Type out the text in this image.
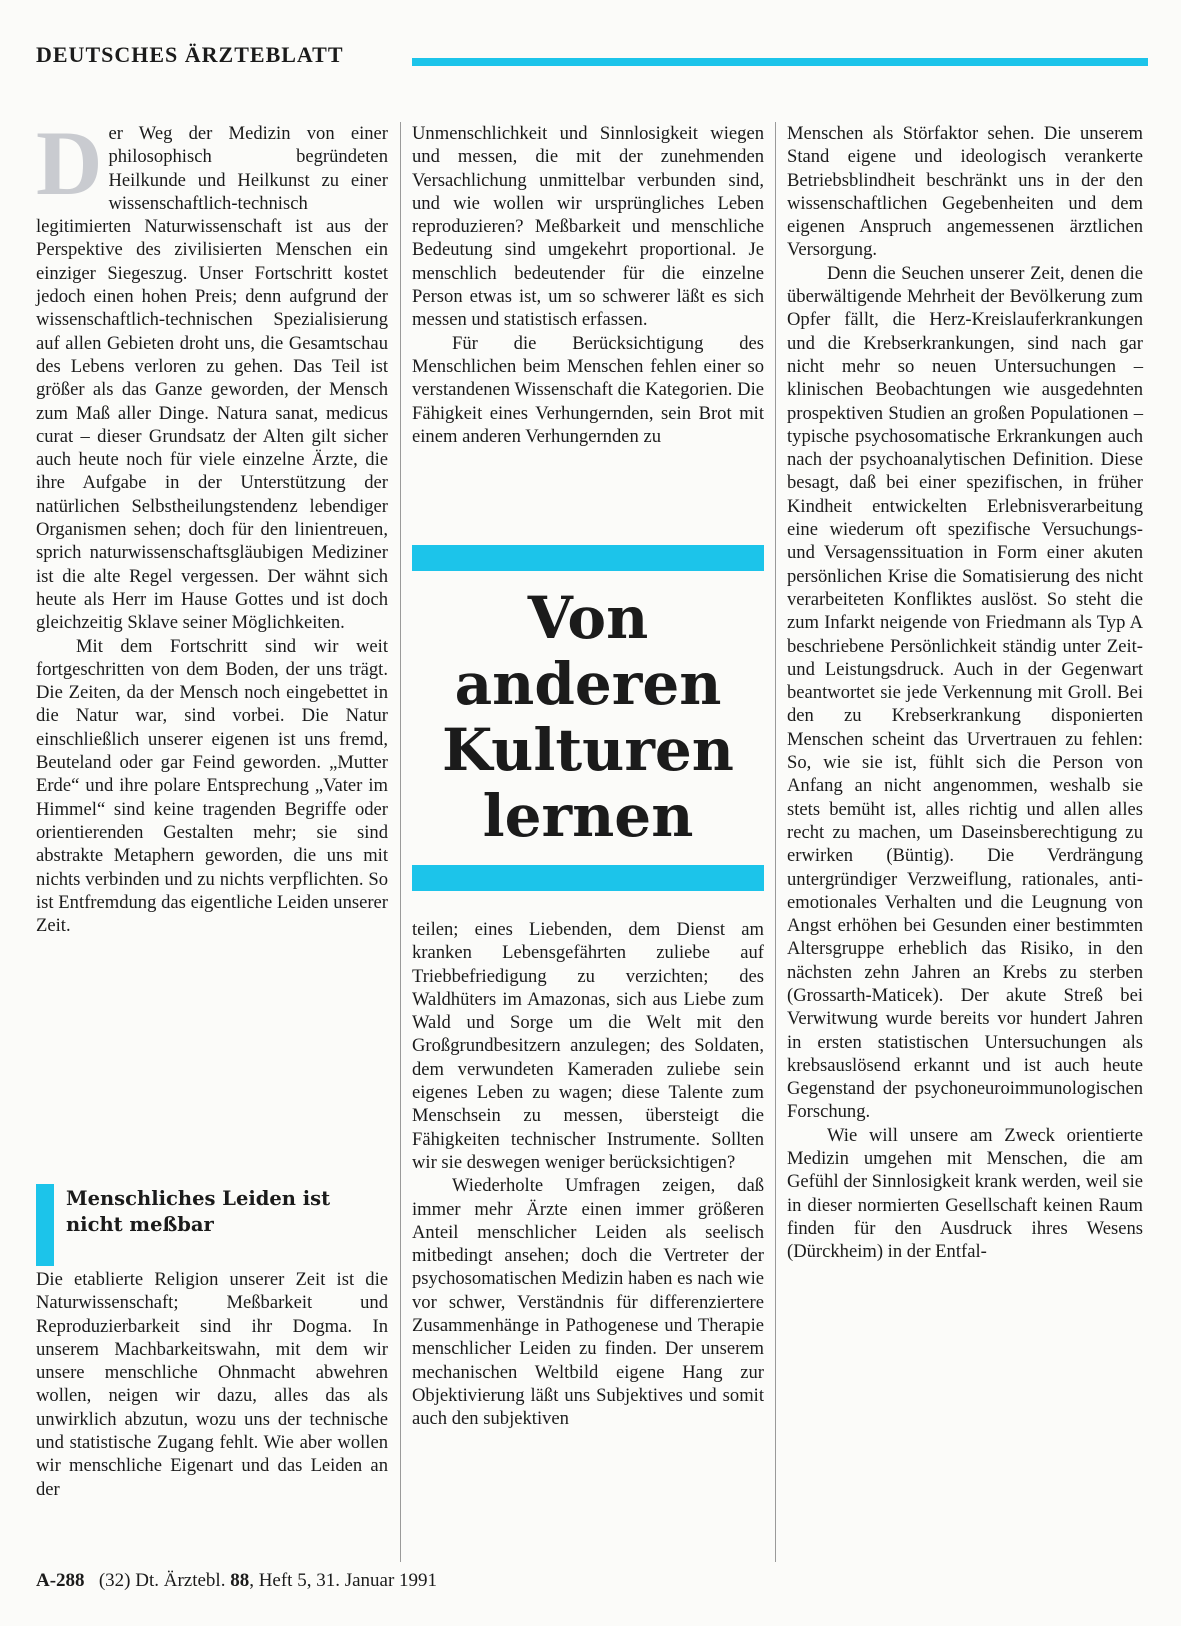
DEUTSCHES ÄRZTEBLATT

Der Weg der Medizin von einer philosophisch begründeten Heilkunde und Heilkunst zu einer wissenschaftlich-technisch legitimierten Naturwissenschaft ist aus der Perspektive des zivilisierten Menschen ein einziger Siegeszug. Unser Fortschritt kostet jedoch einen hohen Preis; denn aufgrund der wissenschaftlich-technischen Spezialisierung auf allen Gebieten droht uns, die Gesamtschau des Lebens verloren zu gehen. Das Teil ist größer als das Ganze geworden, der Mensch zum Maß aller Dinge. Natura sanat, medicus curat – dieser Grundsatz der Alten gilt sicher auch heute noch für viele einzelne Ärzte, die ihre Aufgabe in der Unterstützung der natürlichen Selbstheilungstendenz lebendiger Organismen sehen; doch für den linientreuen, sprich naturwissenschaftsgläubigen Mediziner ist die alte Regel vergessen. Der wähnt sich heute als Herr im Hause Gottes und ist doch gleichzeitig Sklave seiner Möglichkeiten.

Mit dem Fortschritt sind wir weit fortgeschritten von dem Boden, der uns trägt. Die Zeiten, da der Mensch noch eingebettet in die Natur war, sind vorbei. Die Natur einschließlich unserer eigenen ist uns fremd, Beuteland oder gar Feind geworden. „Mutter Erde“ und ihre polare Entsprechung „Vater im Himmel“ sind keine tragenden Begriffe oder orientierenden Gestalten mehr; sie sind abstrakte Metaphern geworden, die uns mit nichts verbinden und zu nichts verpflichten. So ist Entfremdung das eigentliche Leiden unserer Zeit.

Menschliches Leiden ist nicht meßbar

Die etablierte Religion unserer Zeit ist die Naturwissenschaft; Meßbarkeit und Reproduzierbarkeit sind ihr Dogma. In unserem Machbarkeitswahn, mit dem wir unsere menschliche Ohnmacht abwehren wollen, neigen wir dazu, alles das als unwirklich abzutun, wozu uns der technische und statistische Zugang fehlt. Wie aber wollen wir menschliche Eigenart und das Leiden an der

Unmenschlichkeit und Sinnlosigkeit wiegen und messen, die mit der zunehmenden Versachlichung unmittelbar verbunden sind, und wie wollen wir ursprüngliches Leben reproduzieren? Meßbarkeit und menschliche Bedeutung sind umgekehrt proportional. Je menschlich bedeutender für die einzelne Person etwas ist, um so schwerer läßt es sich messen und statistisch erfassen.

Für die Berücksichtigung des Menschlichen beim Menschen fehlen einer so verstandenen Wissenschaft die Kategorien. Die Fähigkeit eines Verhungernden, sein Brot mit einem anderen Verhungernden zu

Von anderen Kulturen lernen

teilen; eines Liebenden, dem Dienst am kranken Lebensgefährten zuliebe auf Triebbefriedigung zu verzichten; des Waldhüters im Amazonas, sich aus Liebe zum Wald und Sorge um die Welt mit den Großgrundbesitzern anzulegen; des Soldaten, dem verwundeten Kameraden zuliebe sein eigenes Leben zu wagen; diese Talente zum Menschsein zu messen, übersteigt die Fähigkeiten technischer Instrumente. Sollten wir sie deswegen weniger berücksichtigen?

Wiederholte Umfragen zeigen, daß immer mehr Ärzte einen immer größeren Anteil menschlicher Leiden als seelisch mitbedingt ansehen; doch die Vertreter der psychosomatischen Medizin haben es nach wie vor schwer, Verständnis für differenziertere Zusammenhänge in Pathogenese und Therapie menschlicher Leiden zu finden. Der unserem mechanischen Weltbild eigene Hang zur Objektivierung läßt uns Subjektives und somit auch den subjektiven

Menschen als Störfaktor sehen. Die unserem Stand eigene und ideologisch verankerte Betriebsblindheit beschränkt uns in der den wissenschaftlichen Gegebenheiten und dem eigenen Anspruch angemessenen ärztlichen Versorgung.

Denn die Seuchen unserer Zeit, denen die überwältigende Mehrheit der Bevölkerung zum Opfer fällt, die Herz-Kreislauferkrankungen und die Krebserkrankungen, sind nach gar nicht mehr so neuen Untersuchungen – klinischen Beobachtungen wie ausgedehnten prospektiven Studien an großen Populationen – typische psychosomatische Erkrankungen auch nach der psychoanalytischen Definition. Diese besagt, daß bei einer spezifischen, in früher Kindheit entwickelten Erlebnisverarbeitung eine wiederum oft spezifische Versuchungs- und Versagenssituation in Form einer akuten persönlichen Krise die Somatisierung des nicht verarbeiteten Konfliktes auslöst. So steht die zum Infarkt neigende von Friedmann als Typ A beschriebene Persönlichkeit ständig unter Zeit- und Leistungsdruck. Auch in der Gegenwart beantwortet sie jede Verkennung mit Groll. Bei den zu Krebserkrankung disponierten Menschen scheint das Urvertrauen zu fehlen: So, wie sie ist, fühlt sich die Person von Anfang an nicht angenommen, weshalb sie stets bemüht ist, alles richtig und allen alles recht zu machen, um Daseinsberechtigung zu erwirken (Büntig). Die Verdrängung untergründiger Verzweiflung, rationales, anti-emotionales Verhalten und die Leugnung von Angst erhöhen bei Gesunden einer bestimmten Altersgruppe erheblich das Risiko, in den nächsten zehn Jahren an Krebs zu sterben (Grossarth-Maticek). Der akute Streß bei Verwitwung wurde bereits vor hundert Jahren in ersten statistischen Untersuchungen als krebsauslösend erkannt und ist auch heute Gegenstand der psychoneuroimmunologischen Forschung.

Wie will unsere am Zweck orientierte Medizin umgehen mit Menschen, die am Gefühl der Sinnlosigkeit krank werden, weil sie in dieser normierten Gesellschaft keinen Raum finden für den Ausdruck ihres Wesens (Dürckheim) in der Entfal-

A-288 (32) Dt. Ärztebl. 88, Heft 5, 31. Januar 1991
